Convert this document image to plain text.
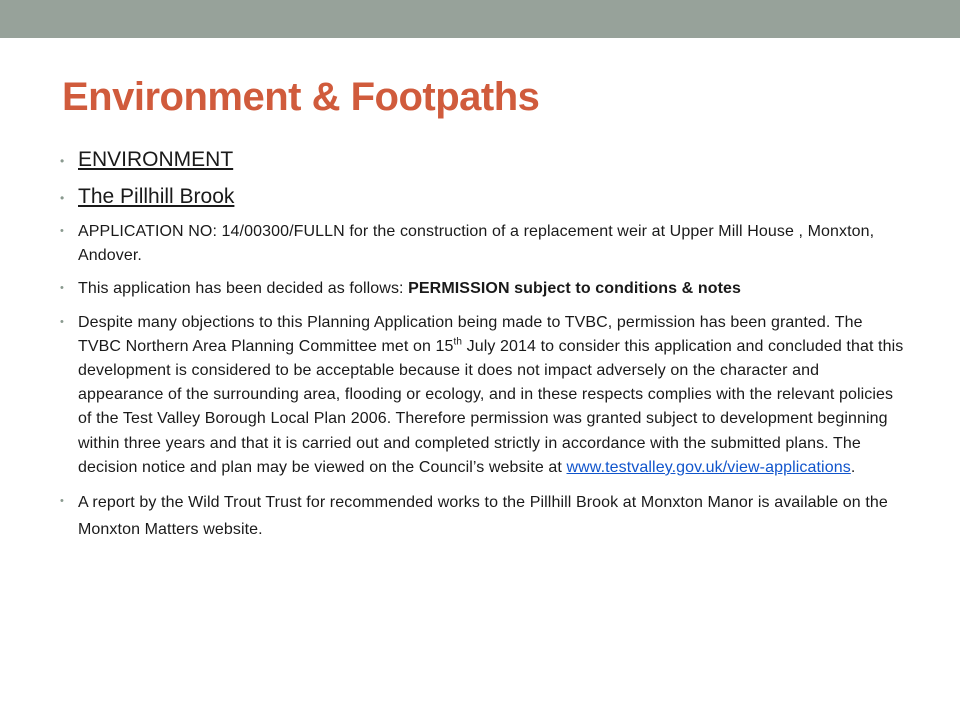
Environment & Footpaths
• ENVIRONMENT
• The Pillhill Brook
• APPLICATION NO: 14/00300/FULLN for the construction of a replacement weir at Upper Mill House , Monxton, Andover.
• This application has been decided as follows: PERMISSION subject to conditions & notes
• Despite many objections to this Planning Application being made to TVBC, permission has been granted. The TVBC Northern Area Planning Committee met on 15th July 2014 to consider this application and concluded that this development is considered to be acceptable because it does not impact adversely on the character and appearance of the surrounding area, flooding or ecology, and in these respects complies with the relevant policies of the Test Valley Borough Local Plan 2006. Therefore permission was granted subject to development beginning within three years and that it is carried out and completed strictly in accordance with the submitted plans. The decision notice and plan may be viewed on the Council’s website at www.testvalley.gov.uk/view-applications.
• A report by the Wild Trout Trust for recommended works to the Pillhill Brook at Monxton Manor is available on the Monxton Matters website.
